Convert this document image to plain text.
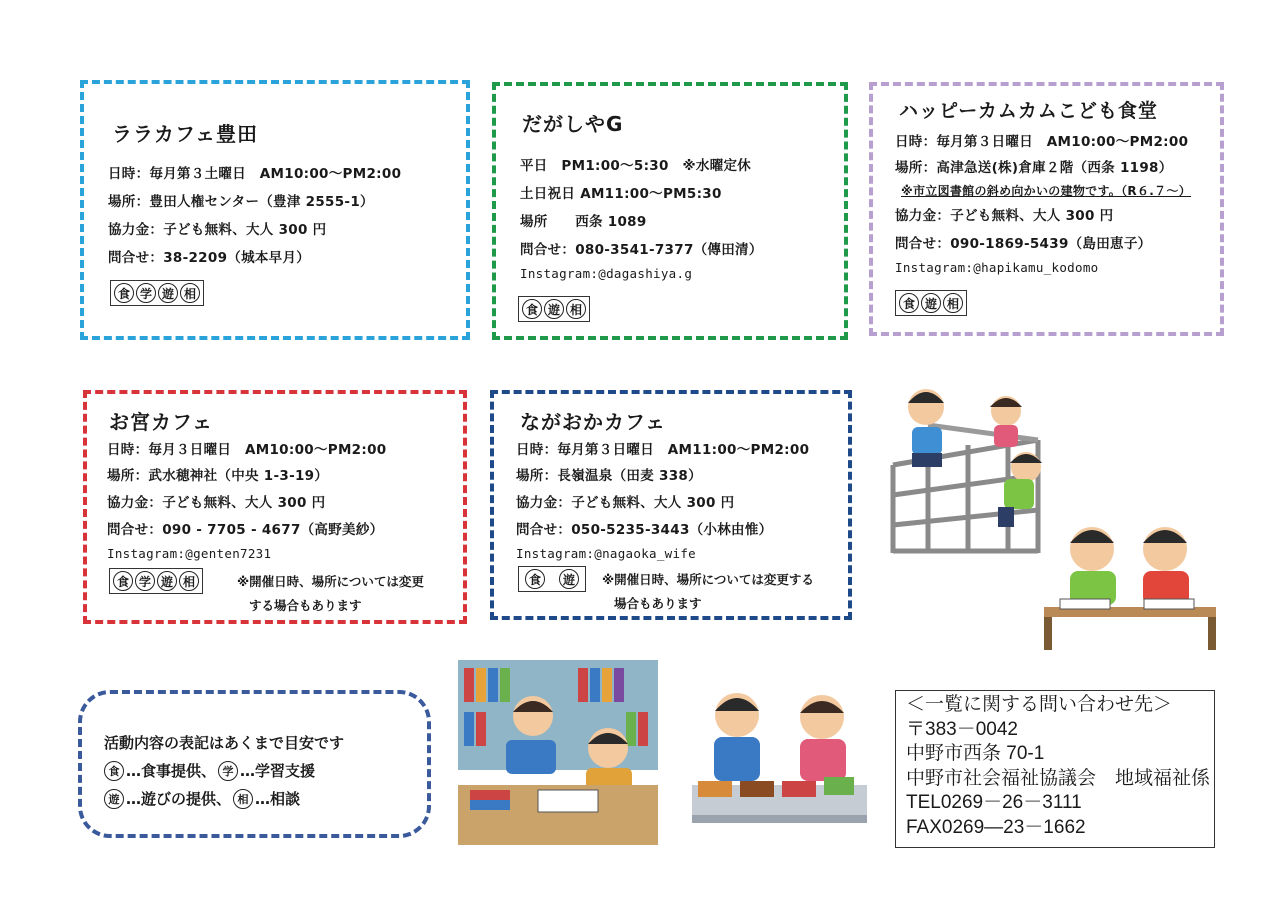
ララカフェ豊田
日時：毎月第３土曜日　AM10:00～PM2:00
場所：豊田人権センター（豊津 2555-1）
協力金：子ども無料、大人 300 円
問合せ：38-2209（城本早月）
食 学 遊 相
だがしやG
平日　PM1:00～5:30　※水曜定休
土日祝日 AM11:00～PM5:30
場所　　西条 1089
問合せ：080-3541-7377（傳田清）
Instagram:@dagashiya.g
食 遊 相
ハッピーカムカムこども食堂
日時：毎月第３日曜日　AM10:00～PM2:00
場所：高津急送(株)倉庫２階（西条 1198）
※市立図書館の斜め向かいの建物です。（R６.７～）
協力金：子ども無料、大人 300 円
問合せ：090-1869-5439（島田恵子）
Instagram:@hapikamu_kodomo
食 遊 相
お宮カフェ
日時：毎月３日曜日　AM10:00～PM2:00
場所：武水穂神社（中央 1-3-19）
協力金：子ども無料、大人 300 円
問合せ：090 - 7705 - 4677（高野美紗）
Instagram:@genten7231
食 学 遊 相	※開催日時、場所については変更
する場合もあります
ながおかカフェ
日時：毎月第３日曜日　AM11:00～PM2:00
場所：長嶺温泉（田麦 338）
協力金：子ども無料、大人 300 円
問合せ：050-5235-3443（小林由惟）
Instagram:@nagaoka_wife
食	遊	※開催日時、場所については変更する
場合もあります
活動内容の表記はあくまで目安です
食 …食事提供、 学 …学習支援
遊 …遊びの提供、 相 …相談
＜一覧に関する問い合わせ先＞
〒383－0042
中野市西条 70-1
中野市社会福祉協議会　地域福祉係
TEL0269－26－3111
FAX0269―23－1662
